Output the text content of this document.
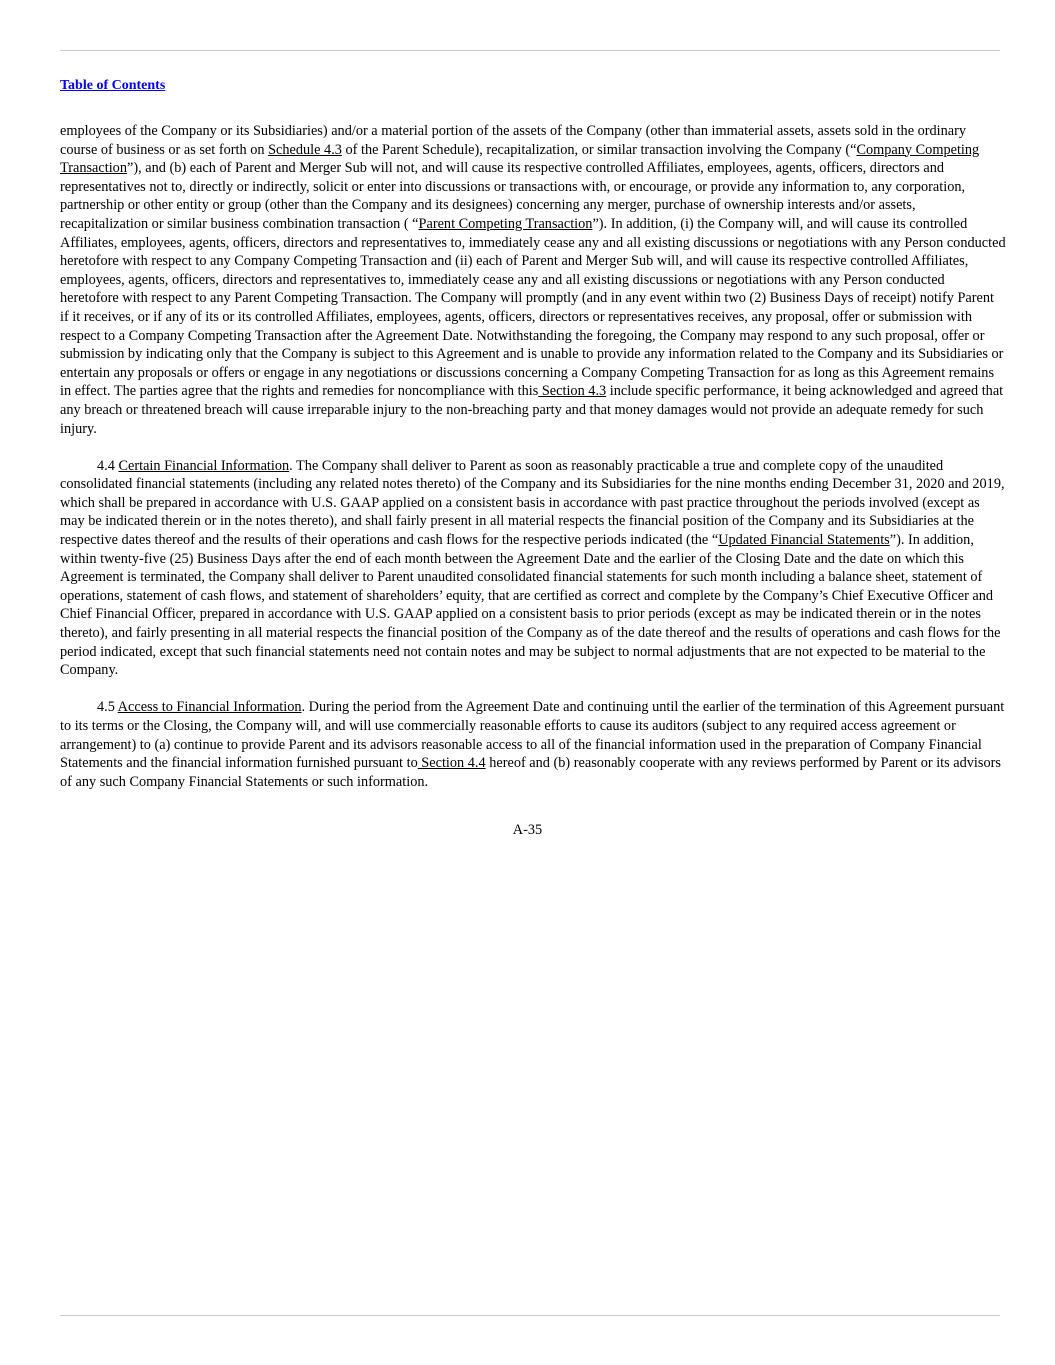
Table of Contents

employees of the Company or its Subsidiaries) and/or a material portion of the assets of the Company (other than immaterial assets, assets sold in the ordinary course of business or as set forth on Schedule 4.3 of the Parent Schedule), recapitalization, or similar transaction involving the Company (“Company Competing Transaction”), and (b) each of Parent and Merger Sub will not, and will cause its respective controlled Affiliates, employees, agents, officers, directors and representatives not to, directly or indirectly, solicit or enter into discussions or transactions with, or encourage, or provide any information to, any corporation, partnership or other entity or group (other than the Company and its designees) concerning any merger, purchase of ownership interests and/or assets, recapitalization or similar business combination transaction ( “Parent Competing Transaction”). In addition, (i) the Company will, and will cause its controlled Affiliates, employees, agents, officers, directors and representatives to, immediately cease any and all existing discussions or negotiations with any Person conducted heretofore with respect to any Company Competing Transaction and (ii) each of Parent and Merger Sub will, and will cause its respective controlled Affiliates, employees, agents, officers, directors and representatives to, immediately cease any and all existing discussions or negotiations with any Person conducted heretofore with respect to any Parent Competing Transaction. The Company will promptly (and in any event within two (2) Business Days of receipt) notify Parent if it receives, or if any of its or its controlled Affiliates, employees, agents, officers, directors or representatives receives, any proposal, offer or submission with respect to a Company Competing Transaction after the Agreement Date. Notwithstanding the foregoing, the Company may respond to any such proposal, offer or submission by indicating only that the Company is subject to this Agreement and is unable to provide any information related to the Company and its Subsidiaries or entertain any proposals or offers or engage in any negotiations or discussions concerning a Company Competing Transaction for as long as this Agreement remains in effect. The parties agree that the rights and remedies for noncompliance with this Section 4.3 include specific performance, it being acknowledged and agreed that any breach or threatened breach will cause irreparable injury to the non-breaching party and that money damages would not provide an adequate remedy for such injury.

4.4 Certain Financial Information. The Company shall deliver to Parent as soon as reasonably practicable a true and complete copy of the unaudited consolidated financial statements (including any related notes thereto) of the Company and its Subsidiaries for the nine months ending December 31, 2020 and 2019, which shall be prepared in accordance with U.S. GAAP applied on a consistent basis in accordance with past practice throughout the periods involved (except as may be indicated therein or in the notes thereto), and shall fairly present in all material respects the financial position of the Company and its Subsidiaries at the respective dates thereof and the results of their operations and cash flows for the respective periods indicated (the “Updated Financial Statements”). In addition, within twenty-five (25) Business Days after the end of each month between the Agreement Date and the earlier of the Closing Date and the date on which this Agreement is terminated, the Company shall deliver to Parent unaudited consolidated financial statements for such month including a balance sheet, statement of operations, statement of cash flows, and statement of shareholders’ equity, that are certified as correct and complete by the Company’s Chief Executive Officer and Chief Financial Officer, prepared in accordance with U.S. GAAP applied on a consistent basis to prior periods (except as may be indicated therein or in the notes thereto), and fairly presenting in all material respects the financial position of the Company as of the date thereof and the results of operations and cash flows for the period indicated, except that such financial statements need not contain notes and may be subject to normal adjustments that are not expected to be material to the Company.

4.5 Access to Financial Information. During the period from the Agreement Date and continuing until the earlier of the termination of this Agreement pursuant to its terms or the Closing, the Company will, and will use commercially reasonable efforts to cause its auditors (subject to any required access agreement or arrangement) to (a) continue to provide Parent and its advisors reasonable access to all of the financial information used in the preparation of Company Financial Statements and the financial information furnished pursuant to Section 4.4 hereof and (b) reasonably cooperate with any reviews performed by Parent or its advisors of any such Company Financial Statements or such information.

A-35
